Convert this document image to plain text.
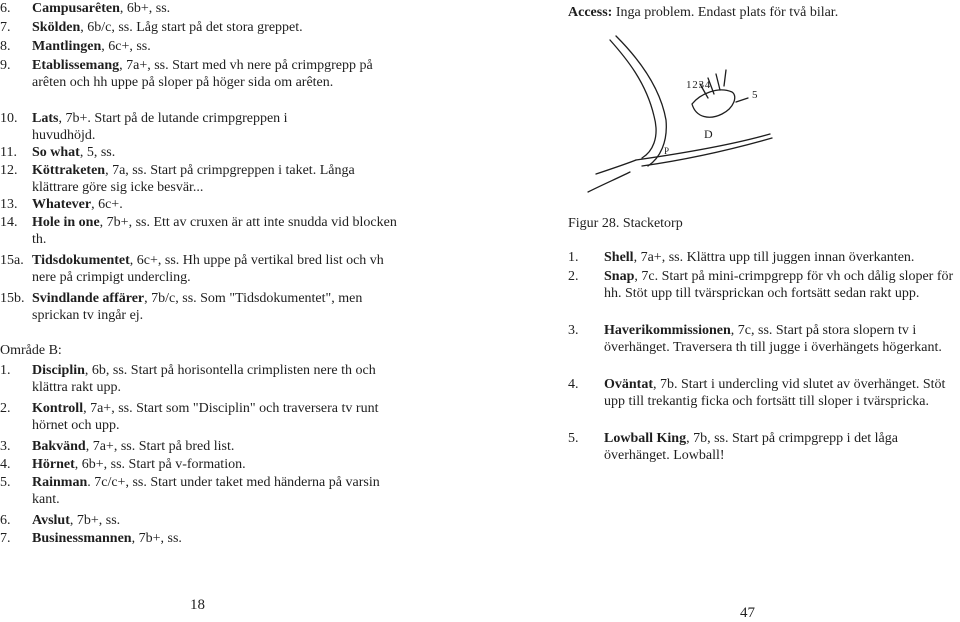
6. Campusarêten, 6b+, ss.
7. Skölden, 6b/c, ss. Låg start på det stora greppet.
8. Mantlingen, 6c+, ss.
9. Etablissemang, 7a+, ss. Start med vh nere på crimpgrepp på arêten och hh uppe på sloper på höger sida om arêten.
10. Lats, 7b+. Start på de lutande crimpgreppen i huvudhöjd.
11. So what, 5, ss.
12. Köttraketen, 7a, ss. Start på crimpgreppen i taket. Långa klättrare göre sig icke besvär...
13. Whatever, 6c+.
14. Hole in one, 7b+, ss. Ett av cruxen är att inte snudda vid blocken th.
15a. Tidsdokumentet, 6c+, ss. Hh uppe på vertikal bred list och vh nere på crimpigt undercling.
15b. Svindlande affärer, 7b/c, ss. Som "Tidsdokumentet", men sprickan tv ingår ej.
Område B:
1. Disciplin, 6b, ss. Start på horisontella crimplisten nere th och klättra rakt upp.
2. Kontroll, 7a+, ss. Start som "Disciplin" och traversera tv runt hörnet och upp.
3. Bakvänd, 7a+, ss. Start på bred list.
4. Hörnet, 6b+, ss. Start på v-formation.
5. Rainman. 7c/c+, ss. Start under taket med händerna på varsin kant.
6. Avslut, 7b+, ss.
7. Businessmannen, 7b+, ss.
18
Access: Inga problem. Endast plats för två bilar.
1 2 3 4
5
D
P
Figur 28. Stacketorp
1. Shell, 7a+, ss. Klättra upp till juggen innan överkanten.
2. Snap, 7c. Start på mini-crimpgrepp för vh och dålig sloper för hh. Stöt upp till tvärsprickan och fortsätt sedan rakt upp.
3. Haverikommissionen, 7c, ss. Start på stora slopern tv i överhänget. Traversera th till jugge i överhängets högerkant.
4. Oväntat, 7b. Start i undercling vid slutet av överhänget. Stöt upp till trekantig ficka och fortsätt till sloper i tvärspricka.
5. Lowball King, 7b, ss. Start på crimpgrepp i det låga överhänget. Lowball!
47
